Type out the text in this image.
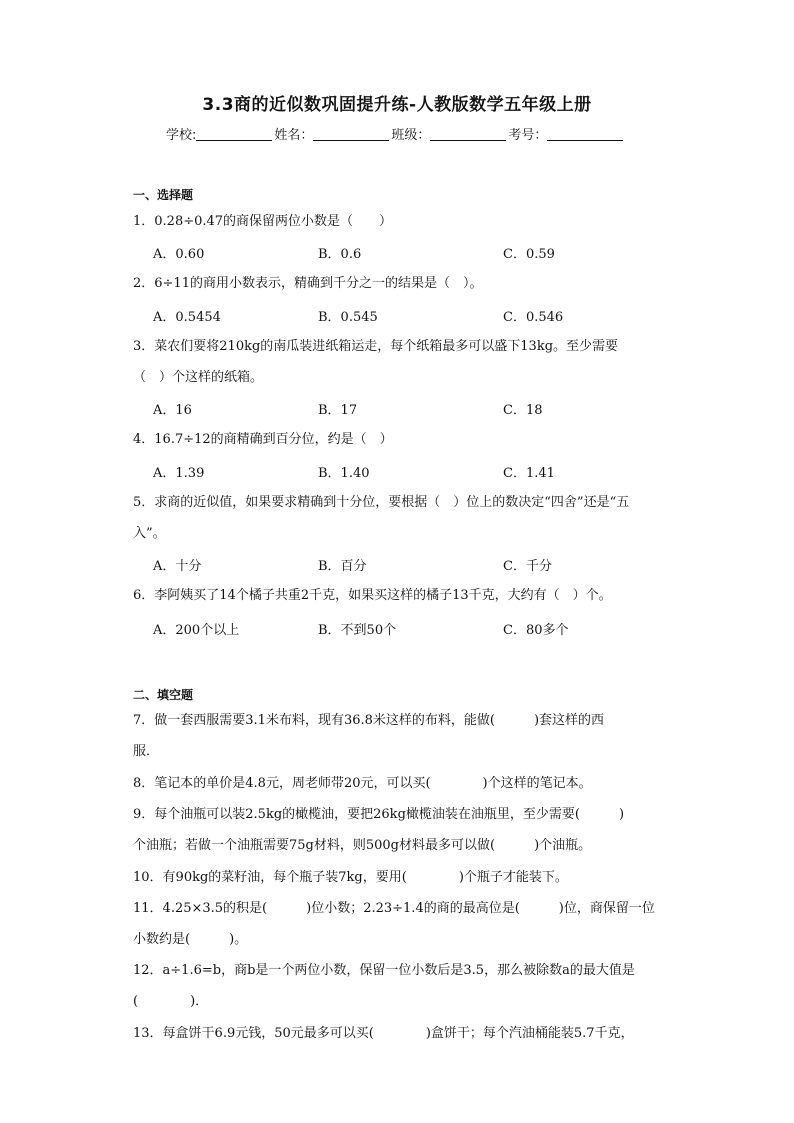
3.3商的近似数巩固提升练-人教版数学五年级上册
学校:	姓名：	班级：	考号：
一、选择题
1．0.28÷0.47的商保留两位小数是（　　）
A．0.60	B．0.6	C．0.59
2．6÷11的商用小数表示，精确到千分之一的结果是（　）。
A．0.5454	B．0.545	C．0.546
3．菜农们要将210kg的南瓜装进纸箱运走，每个纸箱最多可以盛下13kg。至少需要
（　）个这样的纸箱。
A．16	B．17	C．18
4．16.7÷12的商精确到百分位，约是（　）
A．1.39	B．1.40	C．1.41
5．求商的近似值，如果要求精确到十分位，要根据（　）位上的数决定“四舍”还是“五
入”。
A．十分	B．百分	C．千分
6．李阿姨买了14个橘子共重2千克，如果买这样的橘子13千克，大约有（　）个。
A．200个以上	B．不到50个	C．80多个
二、填空题
7．做一套西服需要3.1米布料，现有36.8米这样的布料，能做(　　　)套这样的西
服．
8．笔记本的单价是4.8元，周老师带20元，可以买(　　　　)个这样的笔记本。
9．每个油瓶可以装2.5kg的橄榄油，要把26kg橄榄油装在油瓶里，至少需要(　　　)
个油瓶；若做一个油瓶需要75g材料，则500g材料最多可以做(　　　)个油瓶。
10．有90kg的菜籽油，每个瓶子装7kg，要用(　　　　)个瓶子才能装下。
11．4.25×3.5的积是(　　　)位小数；2.23÷1.4的商的最高位是(　　　)位，商保留一位
小数约是(　　　)。
12．a÷1.6=b，商b是一个两位小数，保留一位小数后是3.5，那么被除数a的最大值是
(　　　　)．
13．每盒饼干6.9元钱，50元最多可以买(　　　　)盒饼干；每个汽油桶能装5.7千克，
